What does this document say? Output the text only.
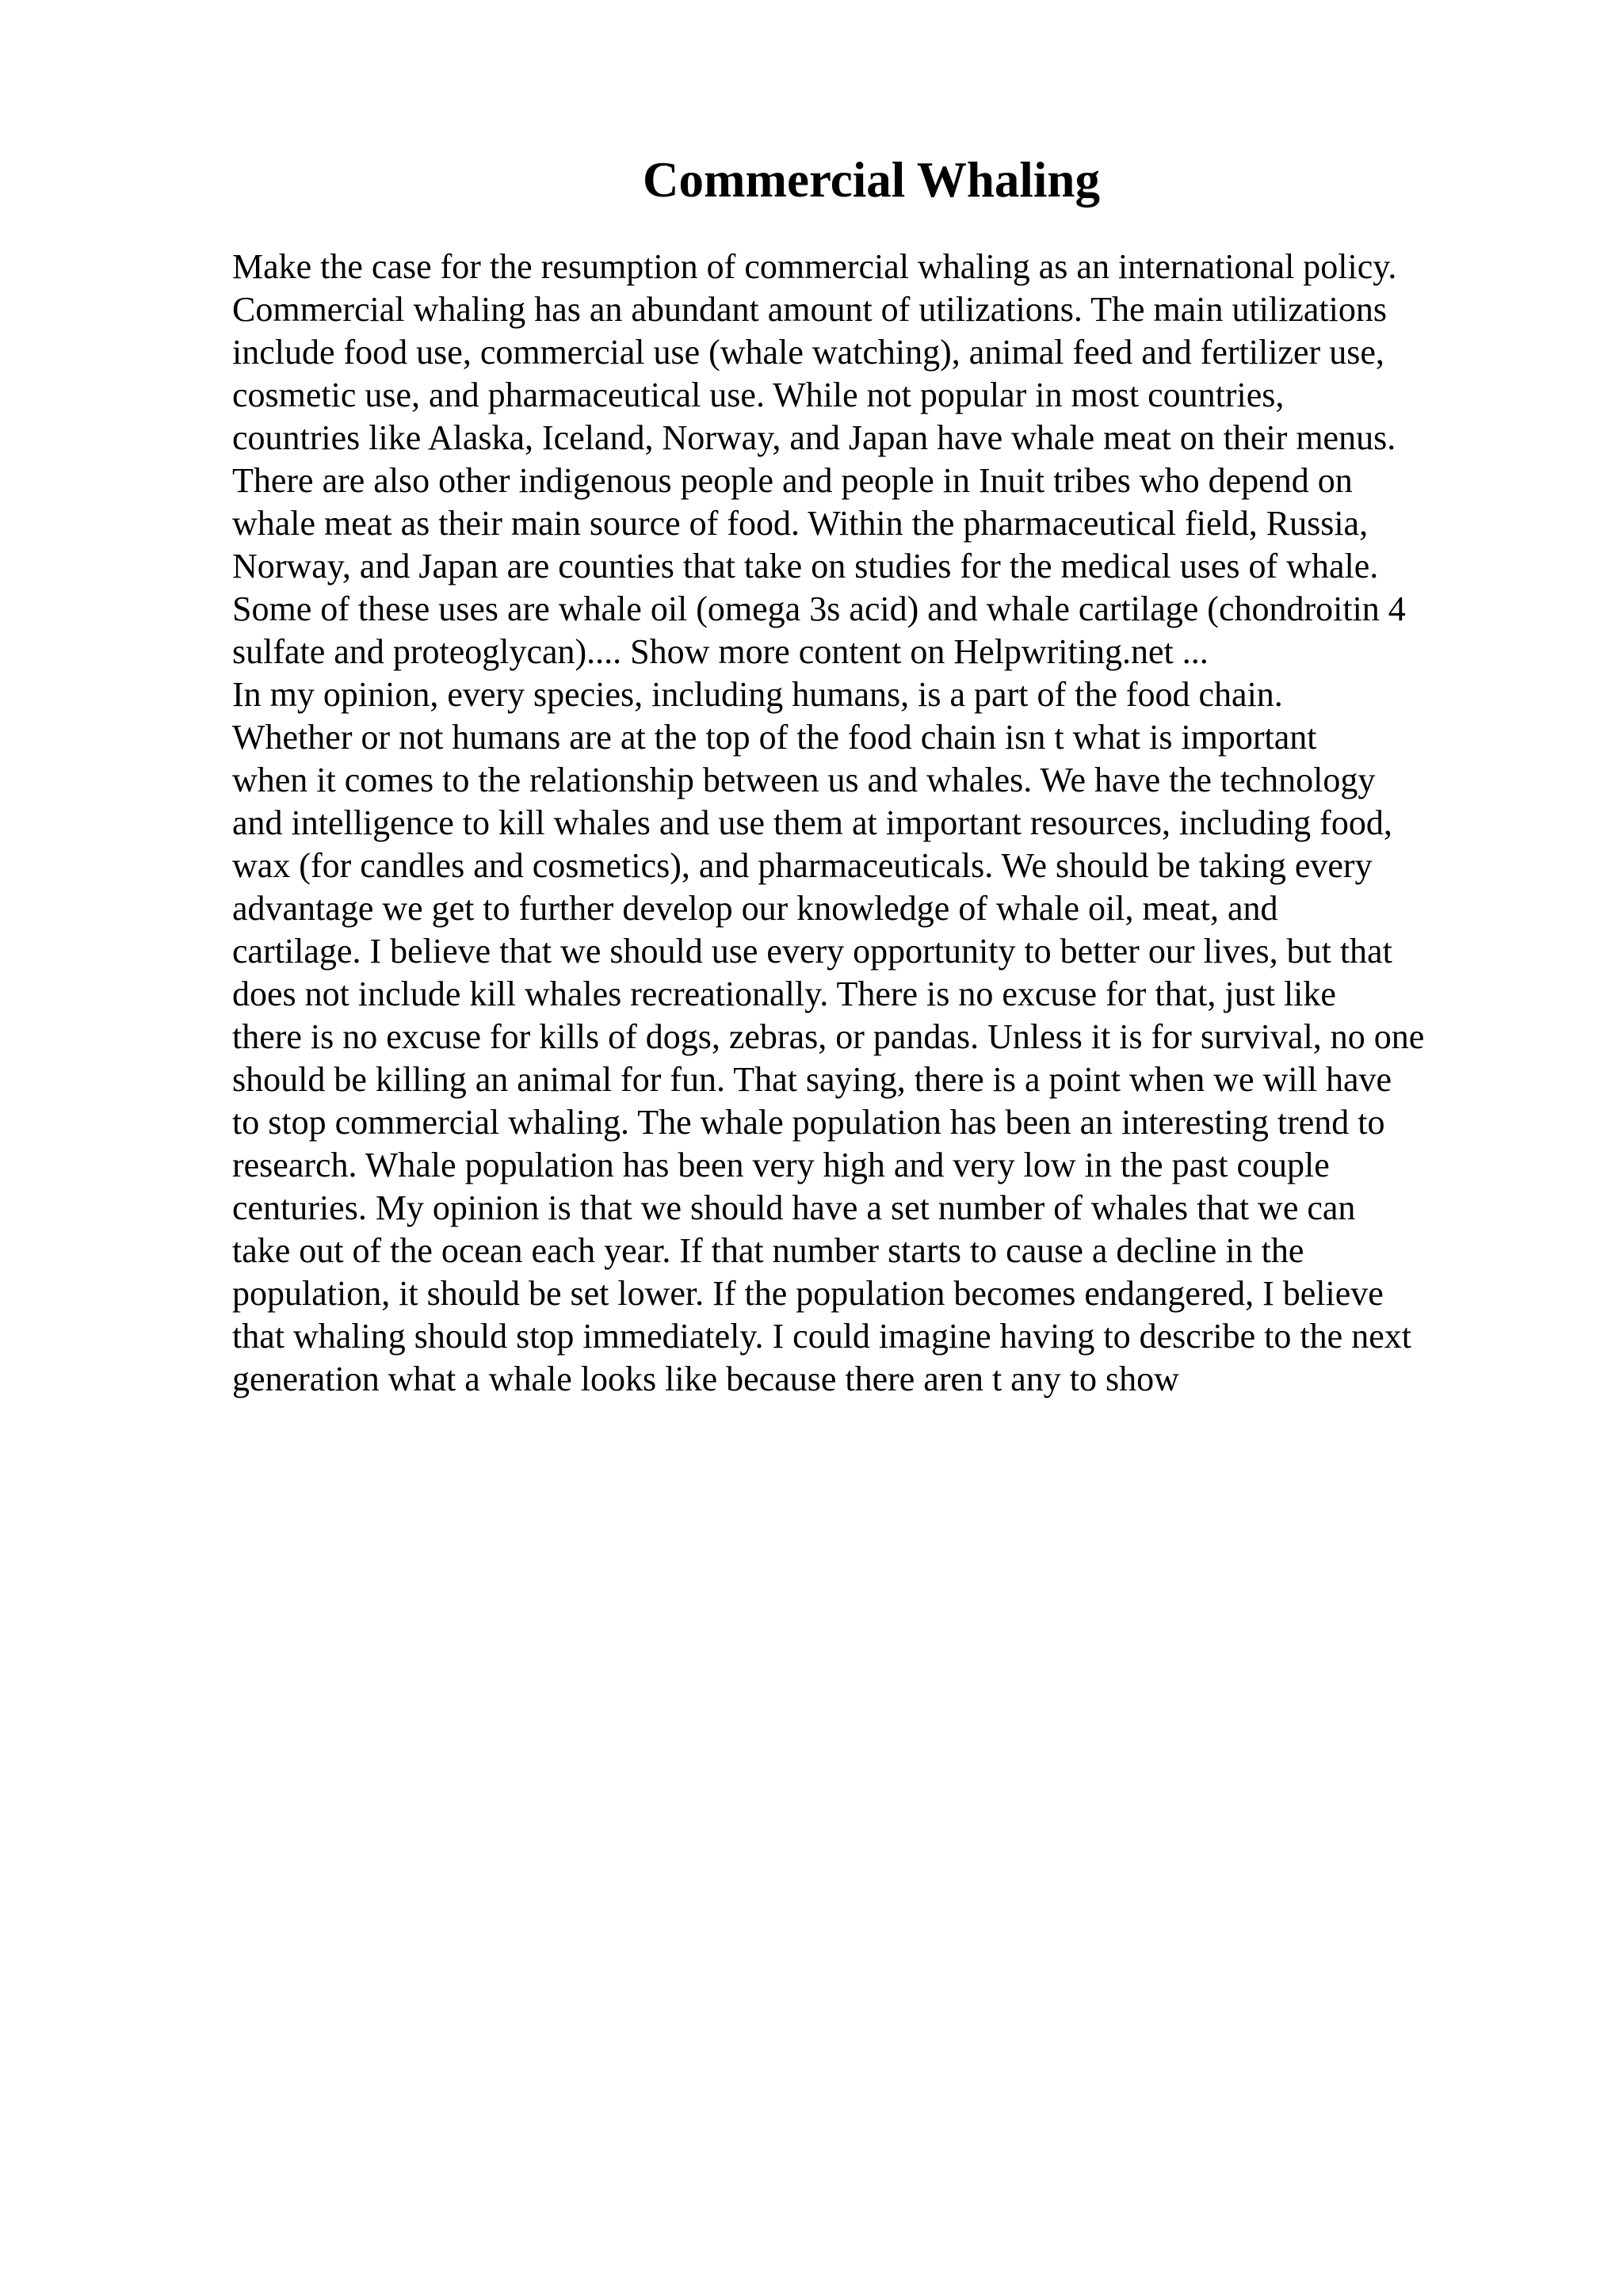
Commercial Whaling
Make the case for the resumption of commercial whaling as an international policy.
Commercial whaling has an abundant amount of utilizations. The main utilizations
include food use, commercial use (whale watching), animal feed and fertilizer use,
cosmetic use, and pharmaceutical use. While not popular in most countries,
countries like Alaska, Iceland, Norway, and Japan have whale meat on their menus.
There are also other indigenous people and people in Inuit tribes who depend on
whale meat as their main source of food. Within the pharmaceutical field, Russia,
Norway, and Japan are counties that take on studies for the medical uses of whale.
Some of these uses are whale oil (omega 3s acid) and whale cartilage (chondroitin 4
sulfate and proteoglycan).... Show more content on Helpwriting.net ...
In my opinion, every species, including humans, is a part of the food chain.
Whether or not humans are at the top of the food chain isn t what is important
when it comes to the relationship between us and whales. We have the technology
and intelligence to kill whales and use them at important resources, including food,
wax (for candles and cosmetics), and pharmaceuticals. We should be taking every
advantage we get to further develop our knowledge of whale oil, meat, and
cartilage. I believe that we should use every opportunity to better our lives, but that
does not include kill whales recreationally. There is no excuse for that, just like
there is no excuse for kills of dogs, zebras, or pandas. Unless it is for survival, no one
should be killing an animal for fun. That saying, there is a point when we will have
to stop commercial whaling. The whale population has been an interesting trend to
research. Whale population has been very high and very low in the past couple
centuries. My opinion is that we should have a set number of whales that we can
take out of the ocean each year. If that number starts to cause a decline in the
population, it should be set lower. If the population becomes endangered, I believe
that whaling should stop immediately. I could imagine having to describe to the next
generation what a whale looks like because there aren t any to show
